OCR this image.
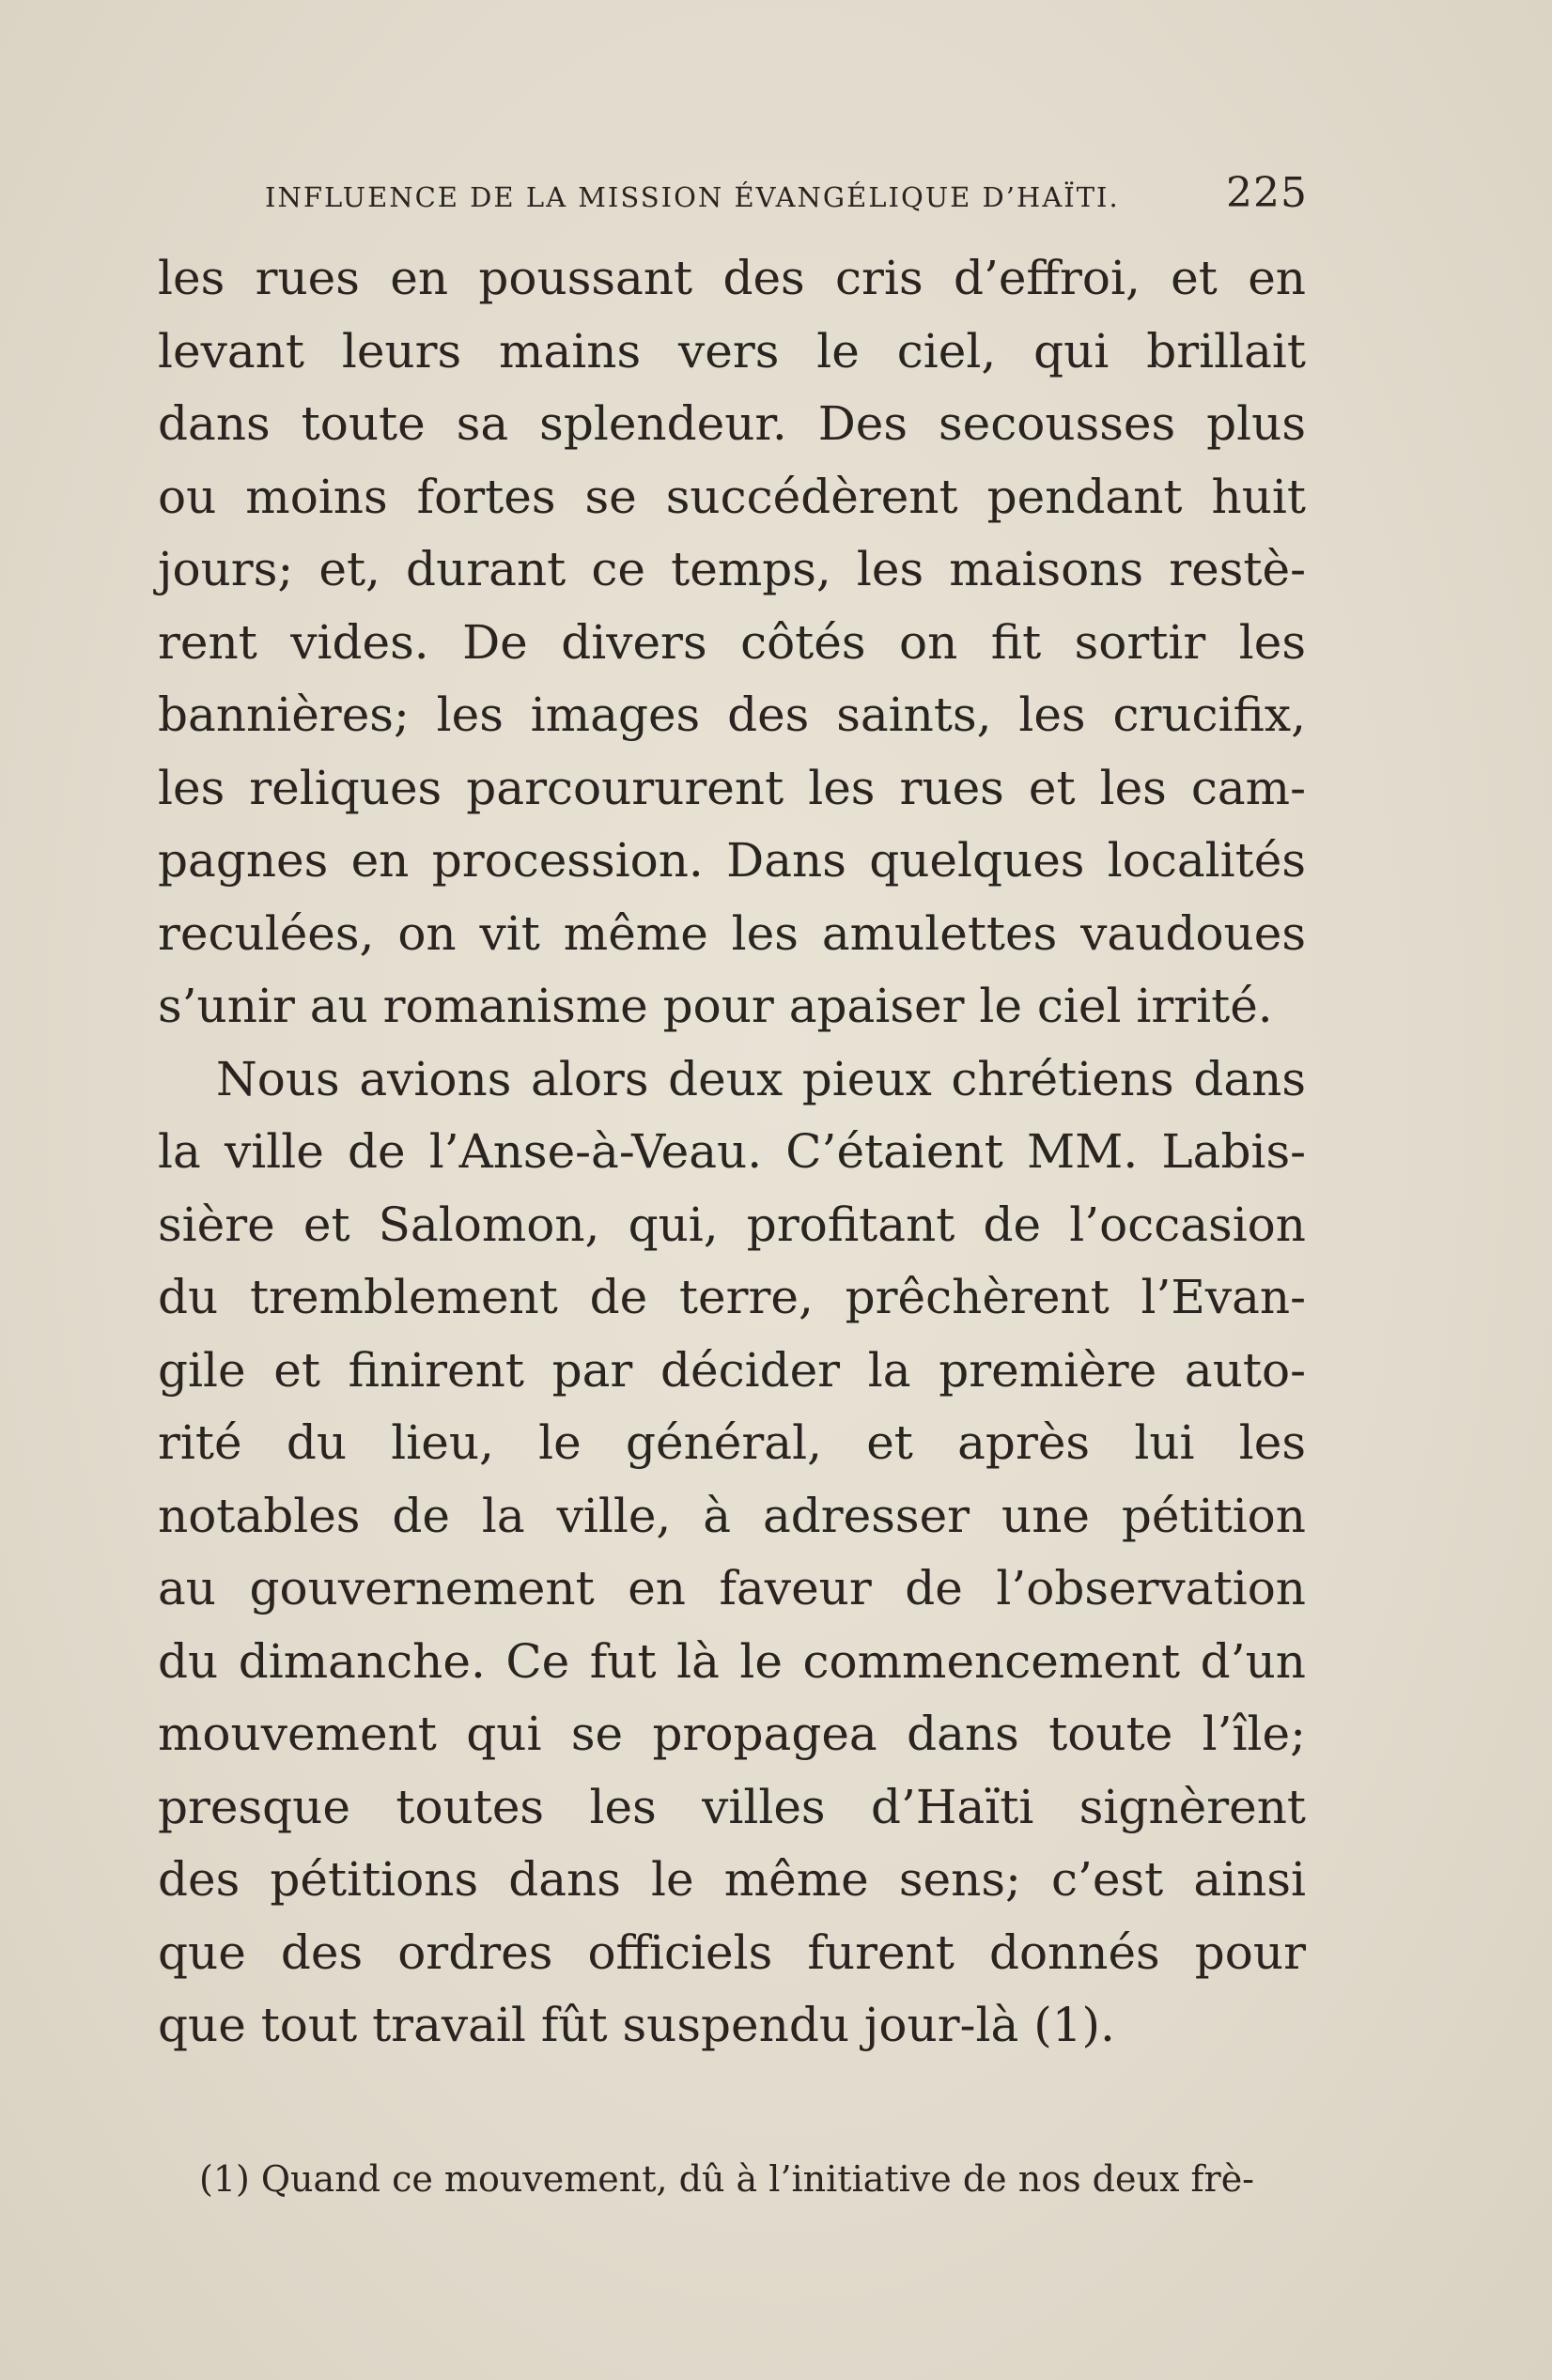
INFLUENCE DE LA MISSION ÉVANGÉLIQUE D’HAÏTI.	225
les rues en poussant des cris d’effroi, et en
levant leurs mains vers le ciel, qui brillait
dans toute sa splendeur. Des secousses plus
ou moins fortes se succédèrent pendant huit
jours; et, durant ce temps, les maisons restè-
rent vides. De divers côtés on fit sortir les
bannières; les images des saints, les crucifix,
les reliques parcoururent les rues et les cam-
pagnes en procession. Dans quelques localités
reculées, on vit même les amulettes vaudoues
s’unir au romanisme pour apaiser le ciel irrité.
Nous avions alors deux pieux chrétiens dans
la ville de l’Anse-à-Veau. C’étaient MM. Labis-
sière et Salomon, qui, profitant de l’occasion
du tremblement de terre, prêchèrent l’Evan-
gile et finirent par décider la première auto-
rité du lieu, le général, et après lui les
notables de la ville, à adresser une pétition
au gouvernement en faveur de l’observation
du dimanche. Ce fut là le commencement d’un
mouvement qui se propagea dans toute l’île;
presque toutes les villes d’Haïti signèrent
des pétitions dans le même sens; c’est ainsi
que des ordres officiels furent donnés pour
que tout travail fût suspendu jour-là (1).
(1) Quand ce mouvement, dû à l’initiative de nos deux frè-
